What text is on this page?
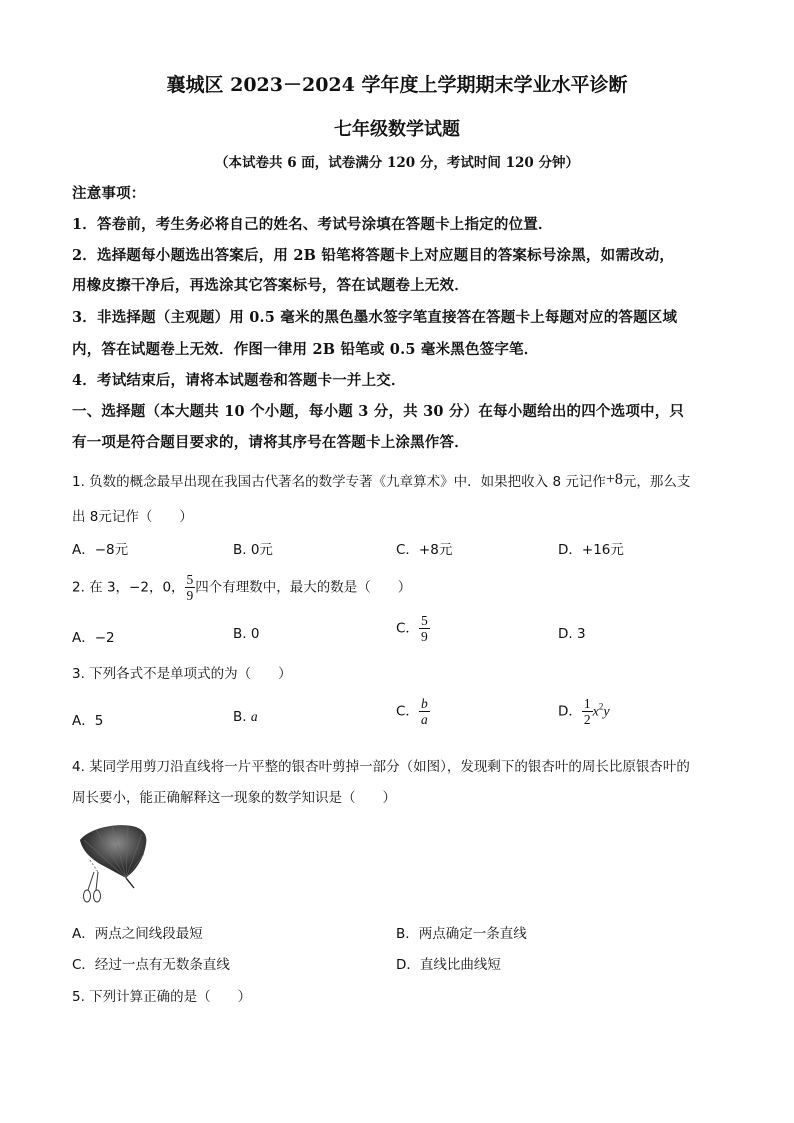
襄城区 2023－2024 学年度上学期期末学业水平诊断
七年级数学试题
（本试卷共 6 面，试卷满分 120 分，考试时间 120 分钟）
注意事项：
1．答卷前，考生务必将自己的姓名、考试号涂填在答题卡上指定的位置．
2．选择题每小题选出答案后，用 2B 铅笔将答题卡上对应题目的答案标号涂黑，如需改动，
用橡皮擦干净后，再选涂其它答案标号，答在试题卷上无效．
3．非选择题（主观题）用 0.5 毫米的黑色墨水签字笔直接答在答题卡上每题对应的答题区域
内，答在试题卷上无效．作图一律用 2B 铅笔或 0.5 毫米黑色签字笔．
4．考试结束后，请将本试题卷和答题卡一并上交．
一、选择题（本大题共 10 个小题，每小题 3 分，共 30 分）在每小题给出的四个选项中，只
有一项是符合题目要求的，请将其序号在答题卡上涂黑作答．
1. 负数的概念最早出现在我国古代著名的数学专著《九章算术》中．如果把收入 8 元记作+8元，那么支
出 8元记作（　　）
A．−8元	B. 0元	C．+8元	D．+16元
2. 在 3，−2，0， $\frac{5}{9}$ 四个有理数中，最大的数是（　　）
A．−2	B. 0	C． $\frac{5}{9}$	D. 3
3. 下列各式不是单项式的为（　　）
A．5	B. a	C． $\frac{b}{a}$	D． $\frac{1}{2} x^2y$
4. 某同学用剪刀沿直线将一片平整的银杏叶剪掉一部分（如图），发现剩下的银杏叶的周长比原银杏叶的
周长要小，能正确解释这一现象的数学知识是（　　）
A．两点之间线段最短	B．两点确定一条直线
C．经过一点有无数条直线	D．直线比曲线短
5. 下列计算正确的是（　　）
